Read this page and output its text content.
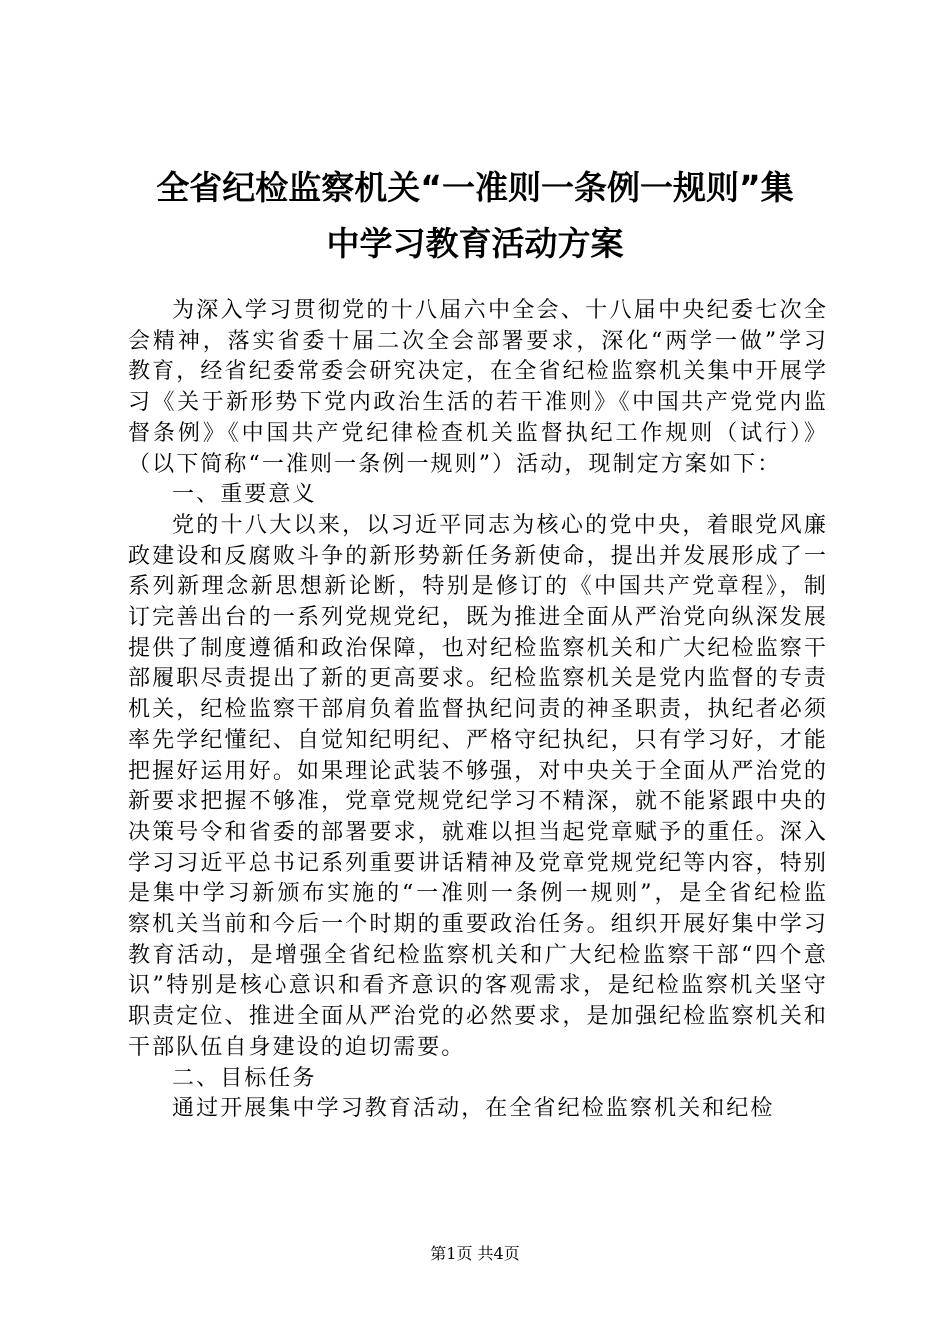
全省纪检监察机关“一准则一条例一规则”集
中学习教育活动方案

为深入学习贯彻党的十八届六中全会、十八届中央纪委七次全会精神，落实省委十届二次全会部署要求，深化“两学一做”学习教育，经省纪委常委会研究决定，在全省纪检监察机关集中开展学习《关于新形势下党内政治生活的若干准则》《中国共产党党内监督条例》《中国共产党纪律检查机关监督执纪工作规则（试行）》（以下简称“一准则一条例一规则”）活动，现制定方案如下：

一、重要意义

党的十八大以来，以习近平同志为核心的党中央，着眼党风廉政建设和反腐败斗争的新形势新任务新使命，提出并发展形成了一系列新理念新思想新论断，特别是修订的《中国共产党章程》，制订完善出台的一系列党规党纪，既为推进全面从严治党向纵深发展提供了制度遵循和政治保障，也对纪检监察机关和广大纪检监察干部履职尽责提出了新的更高要求。纪检监察机关是党内监督的专责机关，纪检监察干部肩负着监督执纪问责的神圣职责，执纪者必须率先学纪懂纪、自觉知纪明纪、严格守纪执纪，只有学习好，才能把握好运用好。如果理论武装不够强，对中央关于全面从严治党的新要求把握不够准，党章党规党纪学习不精深，就不能紧跟中央的决策号令和省委的部署要求，就难以担当起党章赋予的重任。深入学习习近平总书记系列重要讲话精神及党章党规党纪等内容，特别是集中学习新颁布实施的“一准则一条例一规则”，是全省纪检监察机关当前和今后一个时期的重要政治任务。组织开展好集中学习教育活动，是增强全省纪检监察机关和广大纪检监察干部“四个意识”特别是核心意识和看齐意识的客观需求，是纪检监察机关坚守职责定位、推进全面从严治党的必然要求，是加强纪检监察机关和干部队伍自身建设的迫切需要。

二、目标任务

通过开展集中学习教育活动，在全省纪检监察机关和纪检

第1页 共4页
